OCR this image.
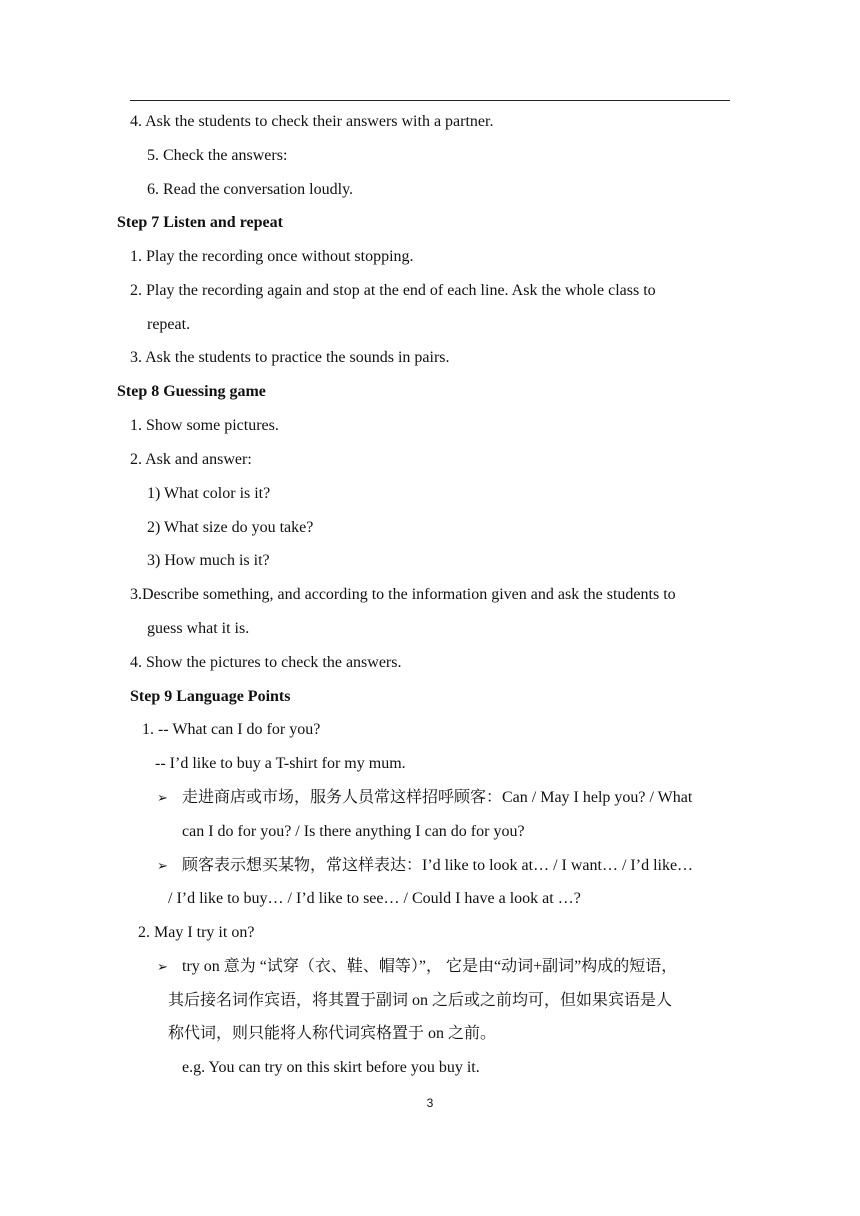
4. Ask the students to check their answers with a partner.
5. Check the answers:
6. Read the conversation loudly.
Step 7 Listen and repeat
1. Play the recording once without stopping.
2. Play the recording again and stop at the end of each line. Ask the whole class to
repeat.
3. Ask the students to practice the sounds in pairs.
Step 8 Guessing game
1. Show some pictures.
2. Ask and answer:
1) What color is it?
2) What size do you take?
3) How much is it?
3.Describe something, and according to the information given and ask the students to
guess what it is.
4. Show the pictures to check the answers.
Step 9 Language Points
1. -- What can I do for you?
-- I’d like to buy a T-shirt for my mum.
➢ 走进商店或市场，服务人员常这样招呼顾客：Can / May I help you? / What
can I do for you? / Is there anything I can do for you?
➢ 顾客表示想买某物，常这样表达：I’d like to look at… / I want… / I’d like…
/ I’d like to buy… / I’d like to see… / Could I have a look at …?
2. May I try it on?
➢ try on 意为 “试穿（衣、鞋、帽等）”， 它是由“动词+副词”构成的短语，
其后接名词作宾语，将其置于副词 on 之后或之前均可，但如果宾语是人
称代词，则只能将人称代词宾格置于 on 之前。
e.g. You can try on this skirt before you buy it.
3
